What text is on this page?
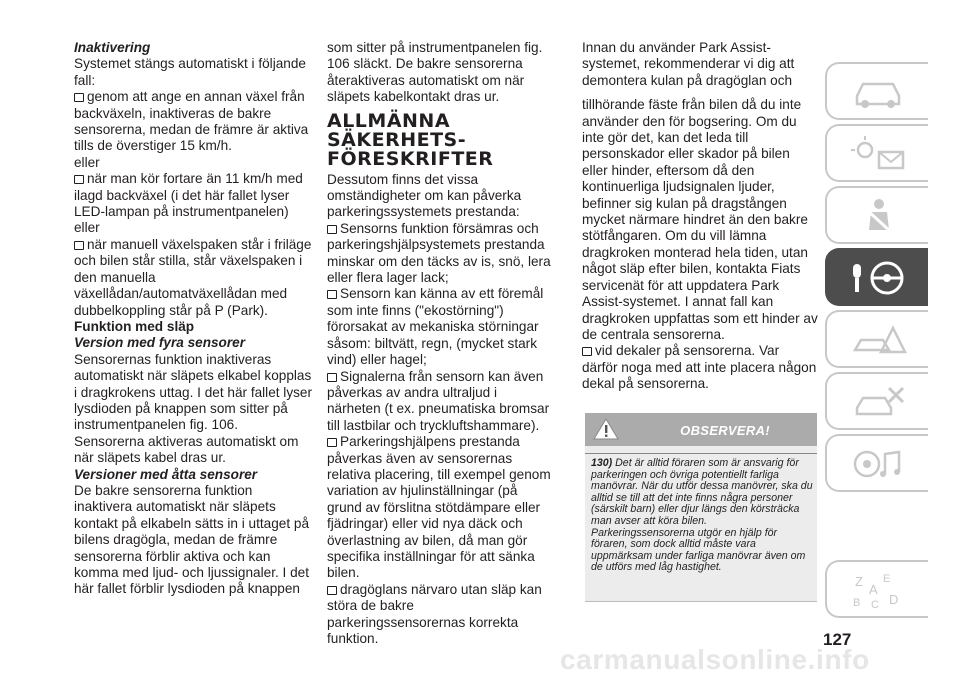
Inaktivering

Systemet stängs automatiskt i följande fall:

genom att ange en annan växel från backväxeln, inaktiveras de bakre sensorerna, medan de främre är aktiva tills de överstiger 15 km/h.

eller

när man kör fortare än 11 km/h med ilagd backväxel (i det här fallet lyser LED-lampan på instrumentpanelen)

eller

när manuell växelspaken står i friläge och bilen står stilla, står växelspaken i den manuella växellådan/automatväxellådan med dubbelkoppling står på P (Park).

Funktion med släp

Version med fyra sensorer

Sensorernas funktion inaktiveras automatiskt när släpets elkabel kopplas i dragkrokens uttag. I det här fallet lyser lysdioden på knappen som sitter på instrumentpanelen fig. 106. Sensorerna aktiveras automatiskt om när släpets kabel dras ur.

Versioner med åtta sensorer

De bakre sensorerna funktion inaktivera automatiskt när släpets kontakt på elkabeln sätts in i uttaget på bilens dragögla, medan de främre sensorerna förblir aktiva och kan komma med ljud- och ljussignaler. I det här fallet förblir lysdioden på knappen

som sitter på instrumentpanelen fig. 106 släckt. De bakre sensorerna återaktiveras automatiskt om när släpets kabelkontakt dras ur.

ALLMÄNNA
SÄKERHETS-
FÖRESKRIFTER

Dessutom finns det vissa omständigheter om kan påverka parkeringssystemets prestanda:

Sensorns funktion försämras och parkeringshjälpsystemets prestanda minskar om den täcks av is, snö, lera eller flera lager lack;

Sensorn kan känna av ett föremål som inte finns ("ekostörning") förorsakat av mekaniska störningar såsom: biltvätt, regn, (mycket stark vind) eller hagel;

Signalerna från sensorn kan även påverkas av andra ultraljud i närheten (t ex. pneumatiska bromsar till lastbilar och tryckluftshammare).

Parkeringshjälpens prestanda påverkas även av sensorernas relativa placering, till exempel genom variation av hjulinställningar (på grund av förslitna stötdämpare eller fjädringar) eller vid nya däck och överlastning av bilen, då man gör specifika inställningar för att sänka bilen.

dragöglans närvaro utan släp kan störa de bakre parkeringssensorernas korrekta funktion.

Innan du använder Park Assist-systemet, rekommenderar vi dig att demontera kulan på dragöglan och

tillhörande fäste från bilen då du inte använder den för bogsering. Om du inte gör det, kan det leda till personskador eller skador på bilen eller hinder, eftersom då den kontinuerliga ljudsignalen ljuder, befinner sig kulan på dragstången mycket närmare hindret än den bakre stötfångaren. Om du vill lämna dragkroken monterad hela tiden, utan något släp efter bilen, kontakta Fiats servicenät för att uppdatera Park Assist-systemet. I annat fall kan dragkroken uppfattas som ett hinder av de centrala sensorerna.

vid dekaler på sensorerna. Var därför noga med att inte placera någon dekal på sensorerna.

OBSERVERA!
130) Det är alltid föraren som är ansvarig för parkeringen och övriga potentiellt farliga manövrar. När du utför dessa manövrer, ska du alltid se till att det inte finns några personer (särskilt barn) eller djur längs den körsträcka man avser att köra bilen. Parkeringssensorerna utgör en hjälp för föraren, som dock alltid måste vara uppmärksam under farliga manövrar även om de utförs med låg hastighet.
Z E
A
B C D
127
carmanualsonline.info
